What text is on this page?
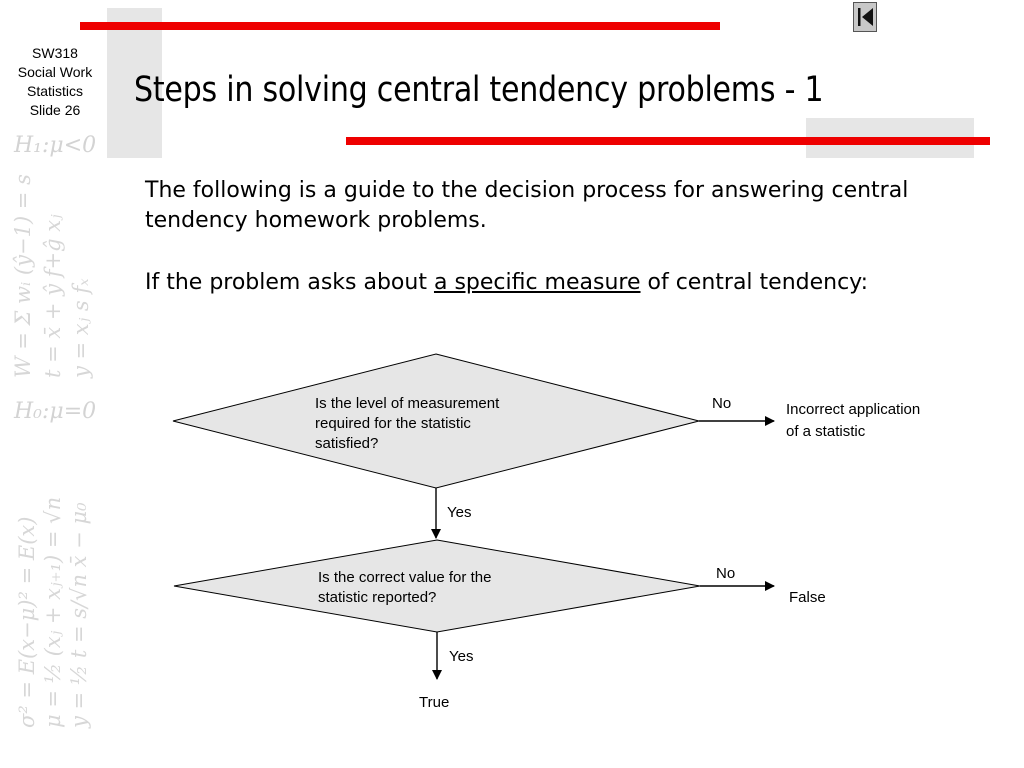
SW318
Social Work
Statistics
Slide 26
H₁:μ<0
H₀:μ=0
σ² = E(x−μ)² = E(x) μ = ½ (xⱼ + xⱼ₊₁) = √n y = ½ t = s/√n x̄ − μ₀
W = Σ wᵢ (ŷ−1) = s t = x̄ + ŷ f+ĝ xⱼ y = xⱼ s fₓ
Steps in solving central tendency problems - 1
The following is a guide to the decision process for answering central tendency homework problems.
If the problem asks about a specific measure of central tendency:
Is the level of measurement required for the statistic satisfied?
No	Incorrect application of a statistic
Yes
Is the correct value for the statistic reported?
No
False
Yes
True
